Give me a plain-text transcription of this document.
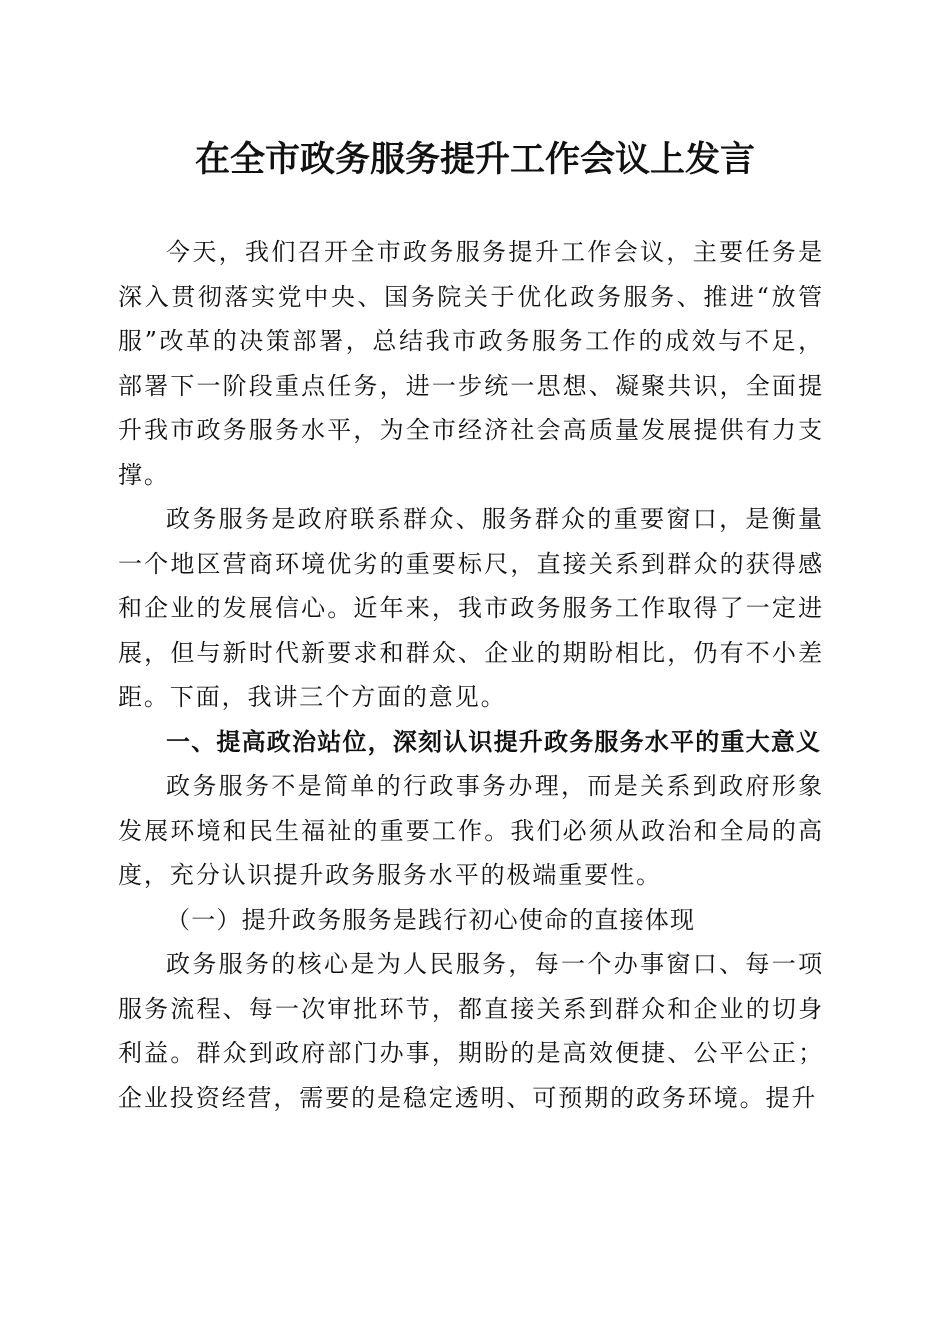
在全市政务服务提升工作会议上发言

今天，我们召开全市政务服务提升工作会议，主要任务是深入贯彻落实党中央、国务院关于优化政务服务、推进“放管服”改革的决策部署，总结我市政务服务工作的成效与不足，部署下一阶段重点任务，进一步统一思想、凝聚共识，全面提升我市政务服务水平，为全市经济社会高质量发展提供有力支撑。

政务服务是政府联系群众、服务群众的重要窗口，是衡量一个地区营商环境优劣的重要标尺，直接关系到群众的获得感和企业的发展信心。近年来，我市政务服务工作取得了一定进展，但与新时代新要求和群众、企业的期盼相比，仍有不小差距。下面，我讲三个方面的意见。

一、提高政治站位，深刻认识提升政务服务水平的重大意义

政务服务不是简单的行政事务办理，而是关系到政府形象发展环境和民生福祉的重要工作。我们必须从政治和全局的高度，充分认识提升政务服务水平的极端重要性。

（一）提升政务服务是践行初心使命的直接体现

政务服务的核心是为人民服务，每一个办事窗口、每一项服务流程、每一次审批环节，都直接关系到群众和企业的切身利益。群众到政府部门办事，期盼的是高效便捷、公平公正；企业投资经营，需要的是稳定透明、可预期的政务环境。提升
